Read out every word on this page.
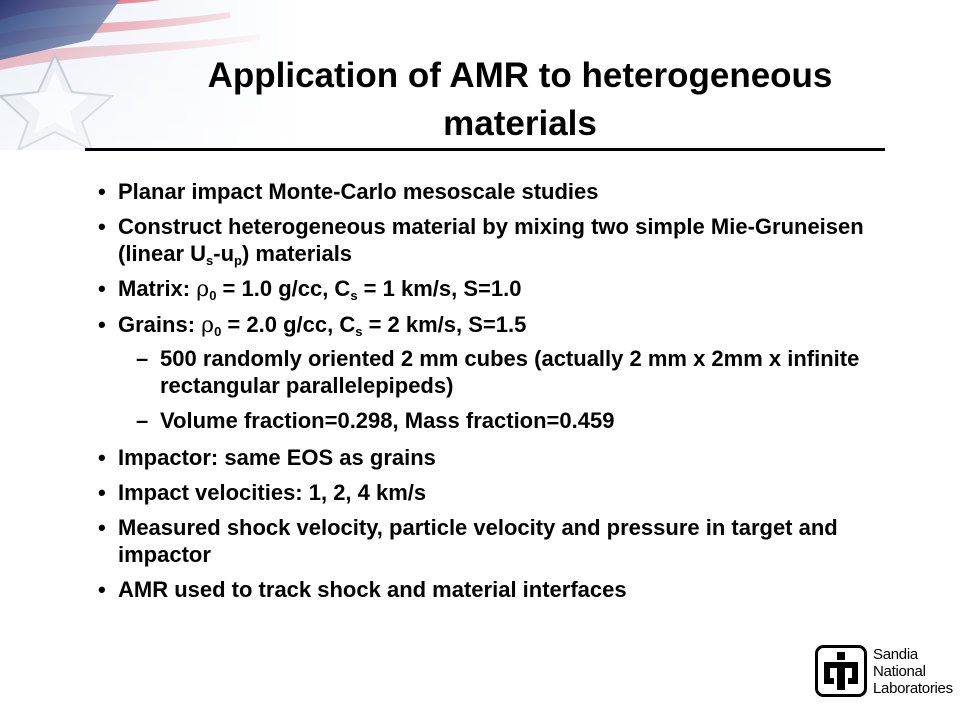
Application of AMR to heterogeneous
materials
• Planar impact Monte-Carlo mesoscale studies
• Construct heterogeneous material by mixing two simple Mie-Gruneisen (linear $U_s-u_p$) materials
• Matrix: $\rho_0 = 1.0$ g/cc, $C_s = 1$ km/s, S=1.0
• Grains: $\rho_0 = 2.0$ g/cc, $C_s = 2$ km/s, S=1.5
– 500 randomly oriented 2 mm cubes (actually 2 mm x 2mm x infinite rectangular parallelepipeds)
– Volume fraction=0.298, Mass fraction=0.459
• Impactor: same EOS as grains
• Impact velocities: 1, 2, 4 km/s
• Measured shock velocity, particle velocity and pressure in target and impactor
• AMR used to track shock and material interfaces
Sandia
National
Laboratories
